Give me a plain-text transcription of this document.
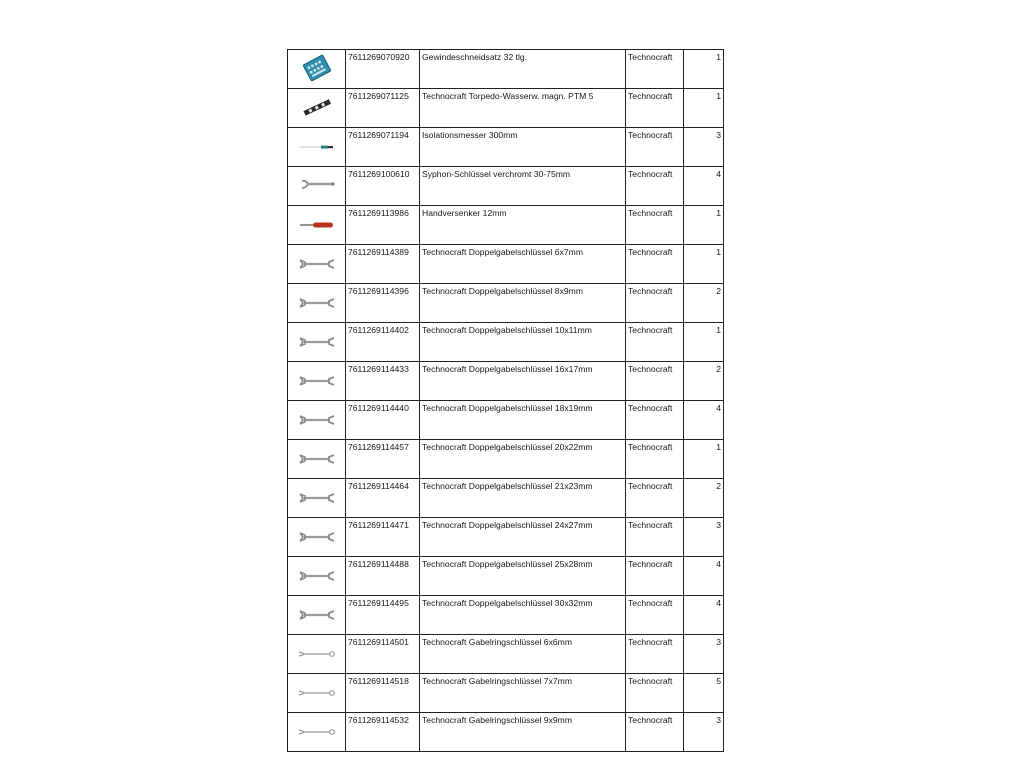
	7611269070920	Gewindeschneidsatz 32 tlg.	Technocraft	1

	7611269071125	Technocraft Torpedo-Wasserw. magn. PTM 5	Technocraft	1

	7611269071194	Isolationsmesser 300mm	Technocraft	3

	7611269100610	Syphon-Schlüssel verchromt 30-75mm	Technocraft	4

	7611269113986	Handversenker 12mm	Technocraft	1

	7611269114389	Technocraft Doppelgabelschlüssel 6x7mm	Technocraft	1

	7611269114396	Technocraft Doppelgabelschlüssel 8x9mm	Technocraft	2

	7611269114402	Technocraft Doppelgabelschlüssel 10x11mm	Technocraft	1

	7611269114433	Technocraft Doppelgabelschlüssel 16x17mm	Technocraft	2

	7611269114440	Technocraft Doppelgabelschlüssel 18x19mm	Technocraft	4

	7611269114457	Technocraft Doppelgabelschlüssel 20x22mm	Technocraft	1

	7611269114464	Technocraft Doppelgabelschlüssel 21x23mm	Technocraft	2

	7611269114471	Technocraft Doppelgabelschlüssel 24x27mm	Technocraft	3

	7611269114488	Technocraft Doppelgabelschlüssel 25x28mm	Technocraft	4

	7611269114495	Technocraft Doppelgabelschlüssel 30x32mm	Technocraft	4

	7611269114501	Technocraft Gabelringschlüssel 6x6mm	Technocraft	3

	7611269114518	Technocraft Gabelringschlüssel 7x7mm	Technocraft	5

	7611269114532	Technocraft Gabelringschlüssel 9x9mm	Technocraft	3
